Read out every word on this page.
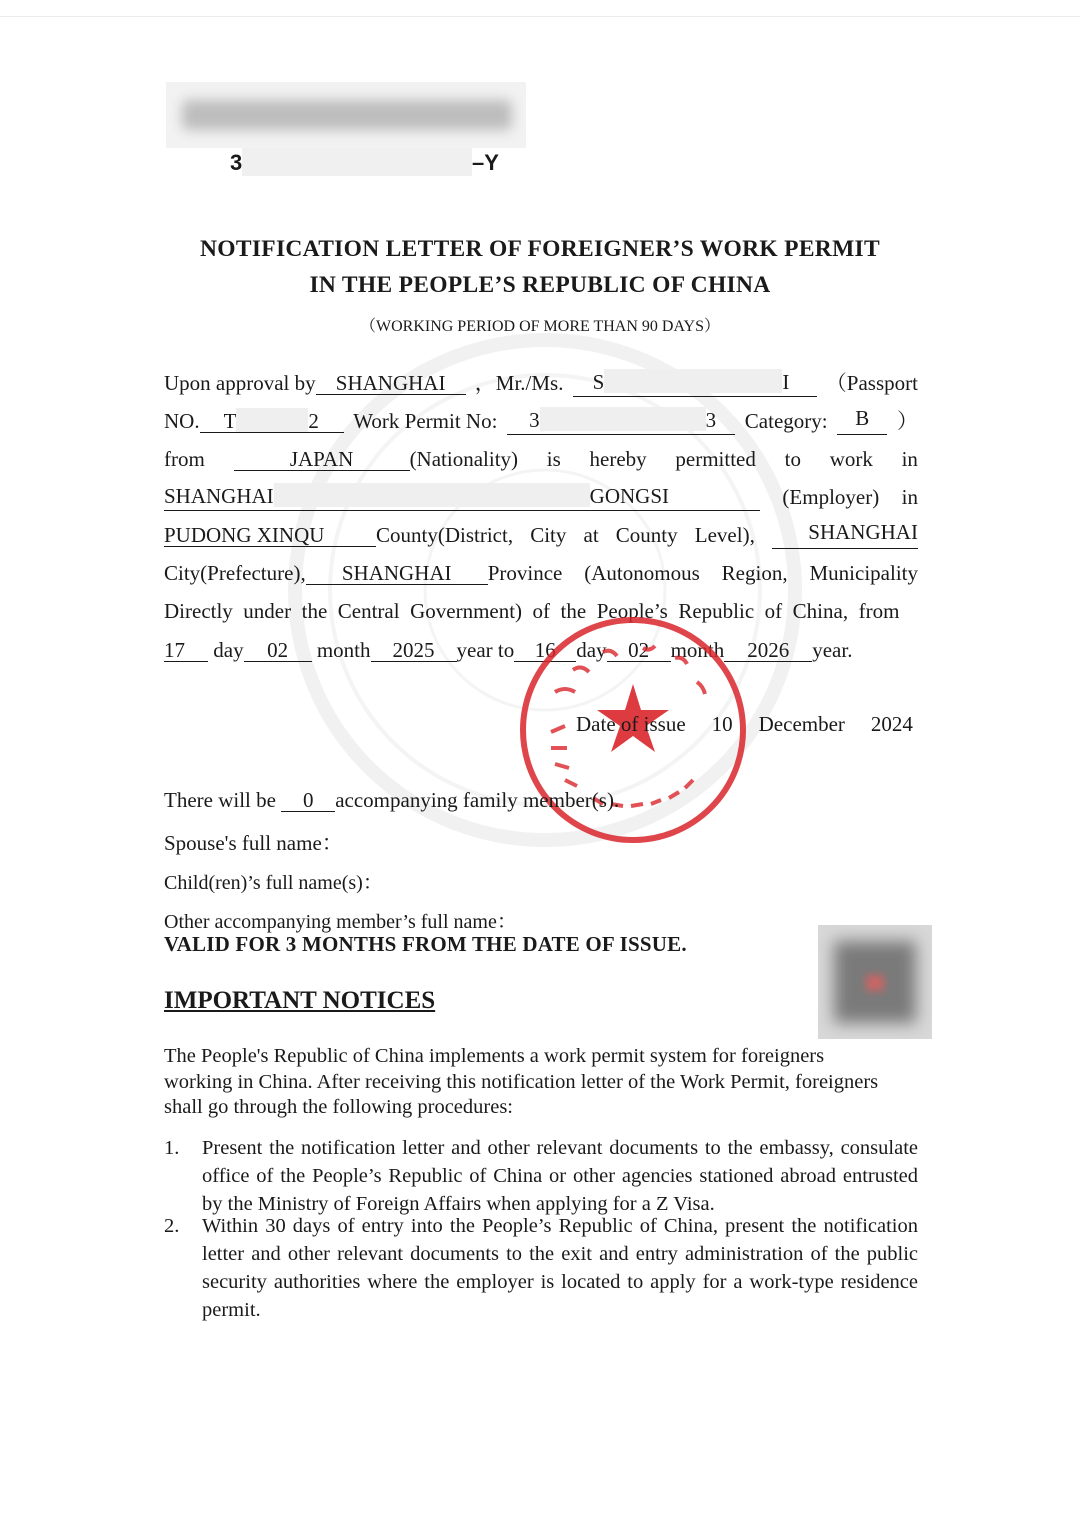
3	–Y
NOTIFICATION LETTER OF FOREIGNER’S WORK PERMIT
IN THE PEOPLE’S REPUBLIC OF CHINA
（WORKING PERIOD OF MORE THAN 90 DAYS）
Upon approval by SHANGHAI	，Mr./Ms.	S	I	（Passport
NO. T	2	Work Permit No:	3	3	Category:	B	）
from	JAPAN	(Nationality) is hereby permitted to work in
SHANGHAI	GONGSI	(Employer) in
PUDONG XINQU County(District, City at County Level),	SHANGHAI
City(Prefecture), SHANGHAI Province (Autonomous Region, Municipality
Directly  under  the  Central  Government)  of  the  People’s  Republic  of  China,  from
17 day 02 month 2025 year to 16 day 02 month 2026 year.
Date of issue 10 December 2024
There will be 0 accompanying family member(s).
Spouse's full name：
Child(ren)’s full name(s)：
Other accompanying member’s full name：
VALID FOR 3 MONTHS FROM THE DATE OF ISSUE.
IMPORTANT NOTICES
The People's Republic of China implements a work permit system for foreigners working in China. After receiving this notification letter of the Work Permit, foreigners shall go through the following procedures:
1. Present the notification letter and other relevant documents to the embassy, consulate office of the People’s Republic of China or other agencies stationed abroad entrusted by the Ministry of Foreign Affairs when applying for a Z Visa.
2. Within 30 days of entry into the People’s Republic of China, present the notification letter and other relevant documents to the exit and entry administration of the public security authorities where the employer is located to apply for a work-type residence permit.
